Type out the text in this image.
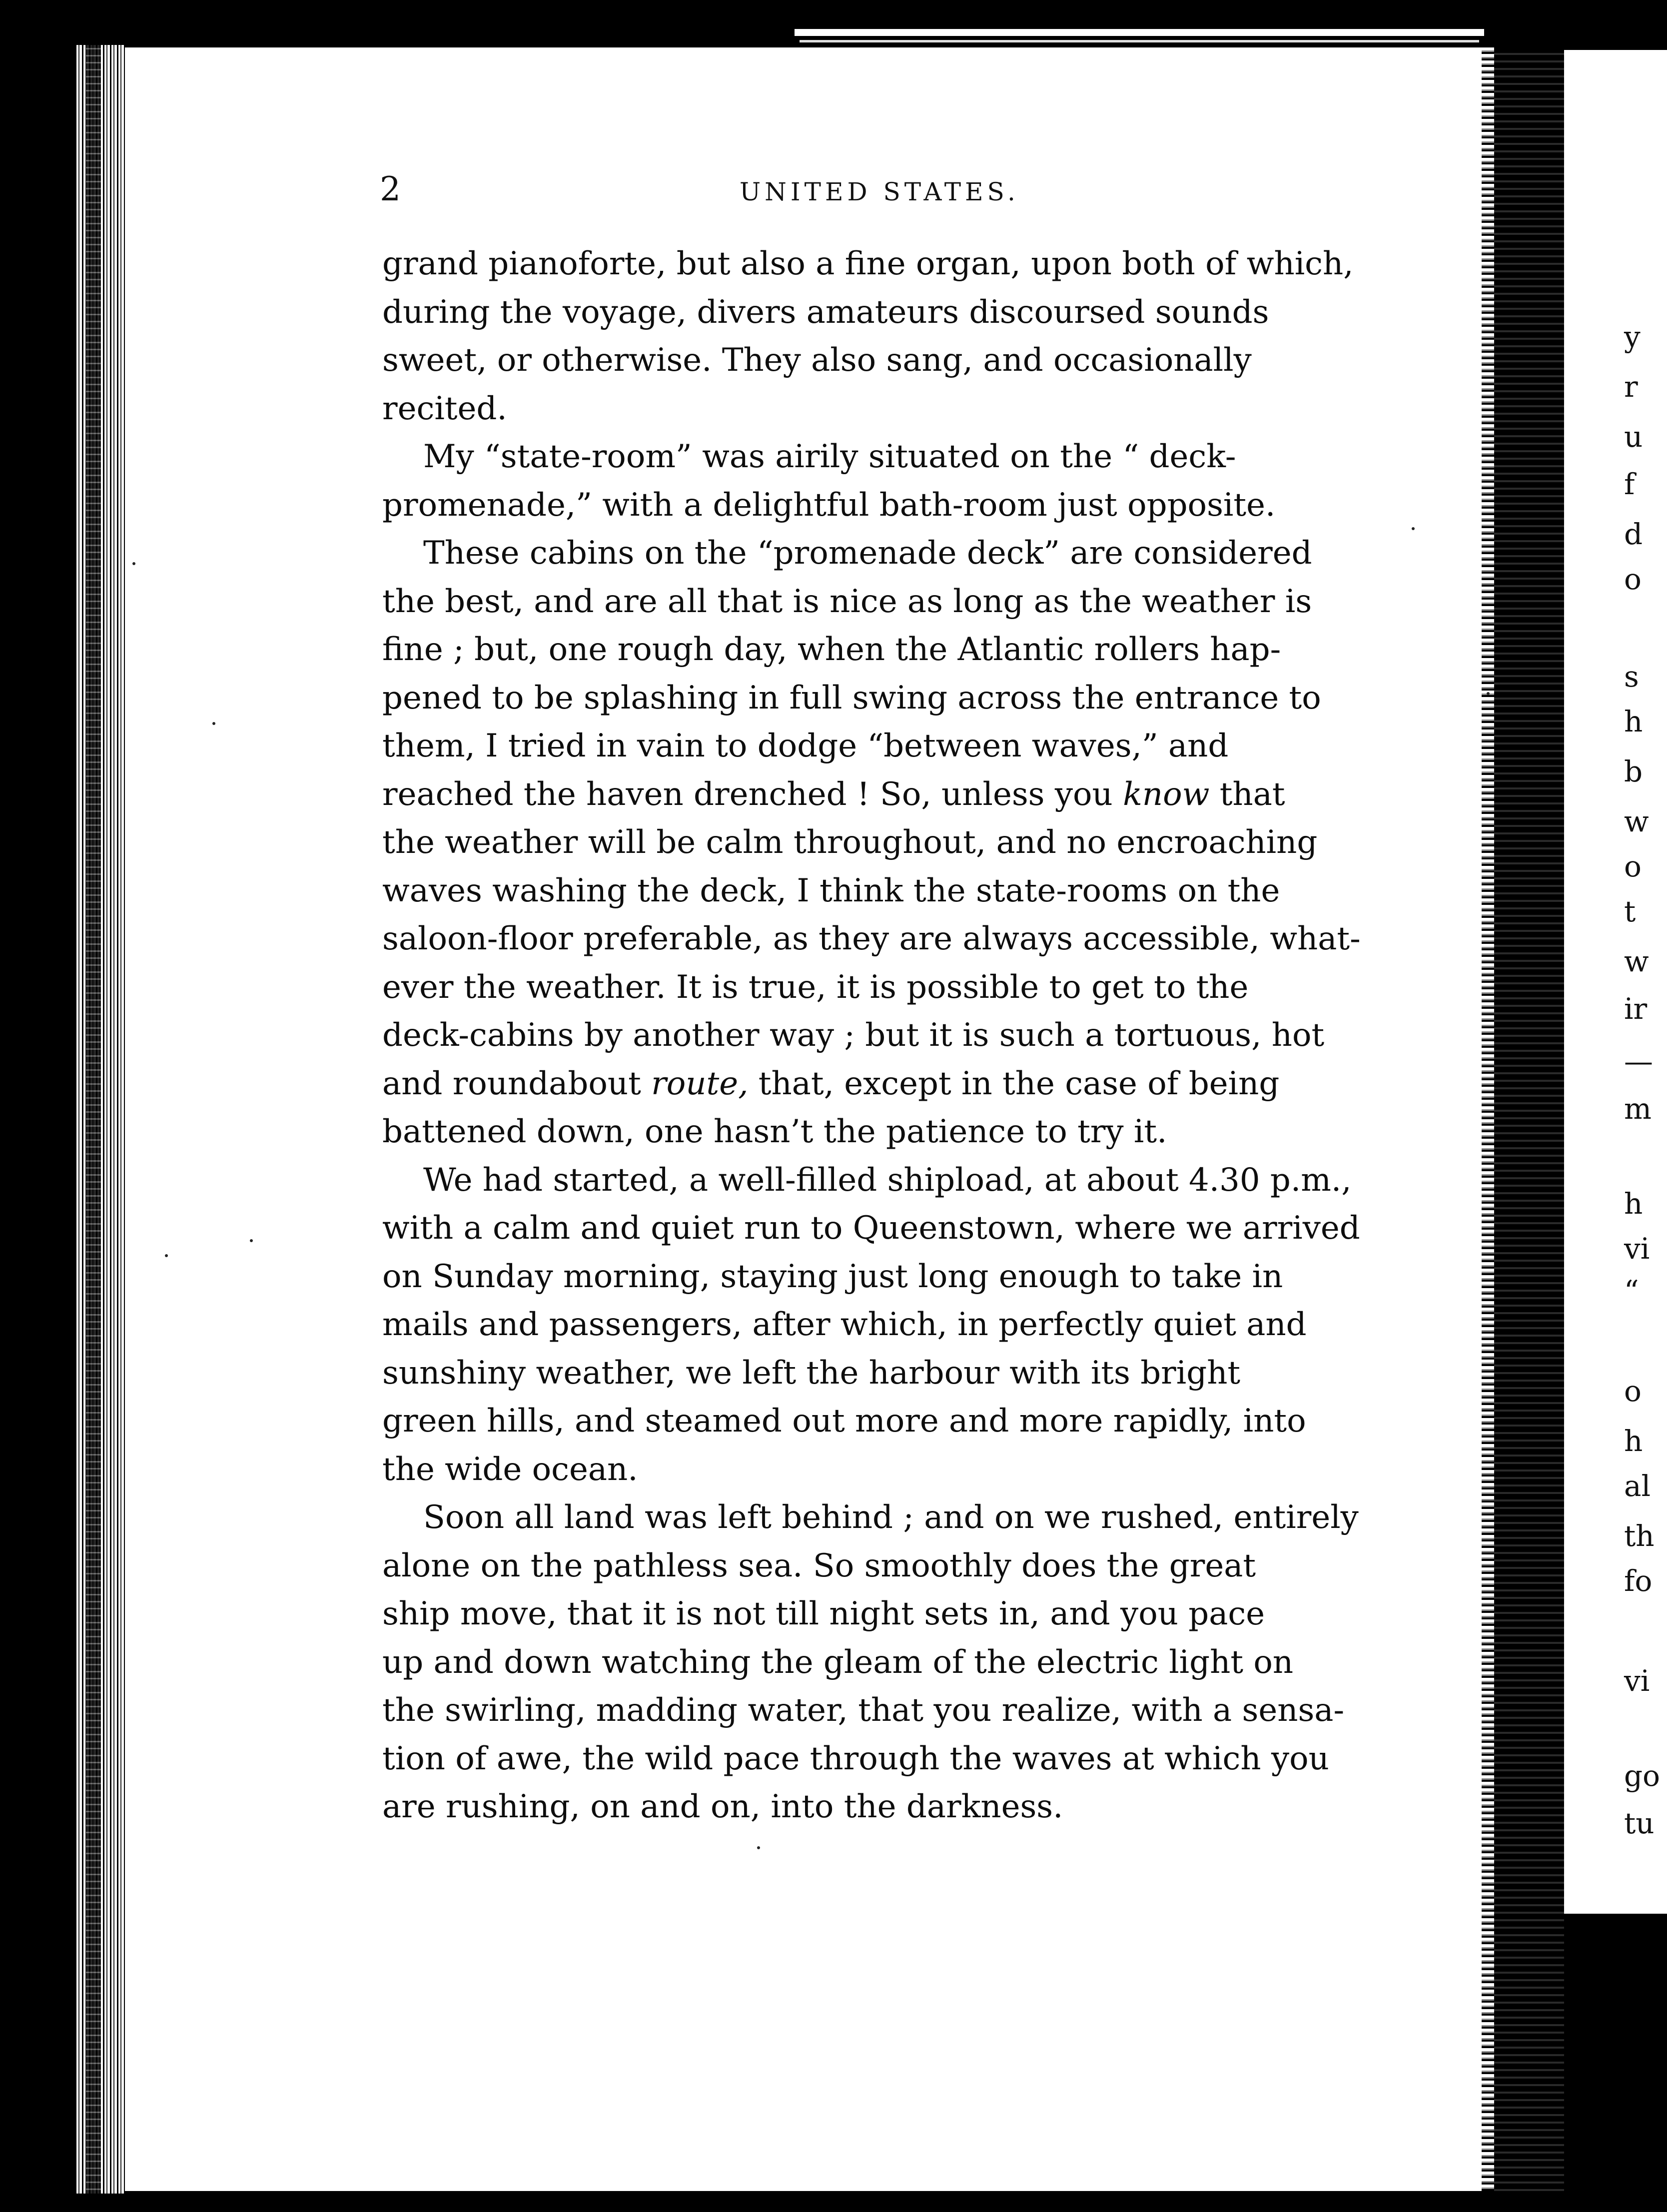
y
r
u
f
d
o
s
h
b
w
o
t
w
ir
—
m
h
vi
“
o
h
al
th
fo
vi
go
tu
2	UNITED STATES.

grand pianoforte, but also a fine organ, upon both of which,
during the voyage, divers amateurs discoursed sounds
sweet, or otherwise. They also sang, and occasionally
recited.

My “state-room” was airily situated on the “ deck-
promenade,” with a delightful bath-room just opposite.

These cabins on the “promenade deck” are considered
the best, and are all that is nice as long as the weather is
fine ; but, one rough day, when the Atlantic rollers hap-
pened to be splashing in full swing across the entrance to
them, I tried in vain to dodge “between waves,” and
reached the haven drenched ! So, unless you know that
the weather will be calm throughout, and no encroaching
waves washing the deck, I think the state-rooms on the
saloon-floor preferable, as they are always accessible, what-
ever the weather. It is true, it is possible to get to the
deck-cabins by another way ; but it is such a tortuous, hot
and roundabout route, that, except in the case of being
battened down, one hasn’t the patience to try it.

We had started, a well-filled shipload, at about 4.30 p.m.,
with a calm and quiet run to Queenstown, where we arrived
on Sunday morning, staying just long enough to take in
mails and passengers, after which, in perfectly quiet and
sunshiny weather, we left the harbour with its bright
green hills, and steamed out more and more rapidly, into
the wide ocean.

Soon all land was left behind ; and on we rushed, entirely
alone on the pathless sea. So smoothly does the great
ship move, that it is not till night sets in, and you pace
up and down watching the gleam of the electric light on
the swirling, madding water, that you realize, with a sensa-
tion of awe, the wild pace through the waves at which you
are rushing, on and on, into the darkness.
